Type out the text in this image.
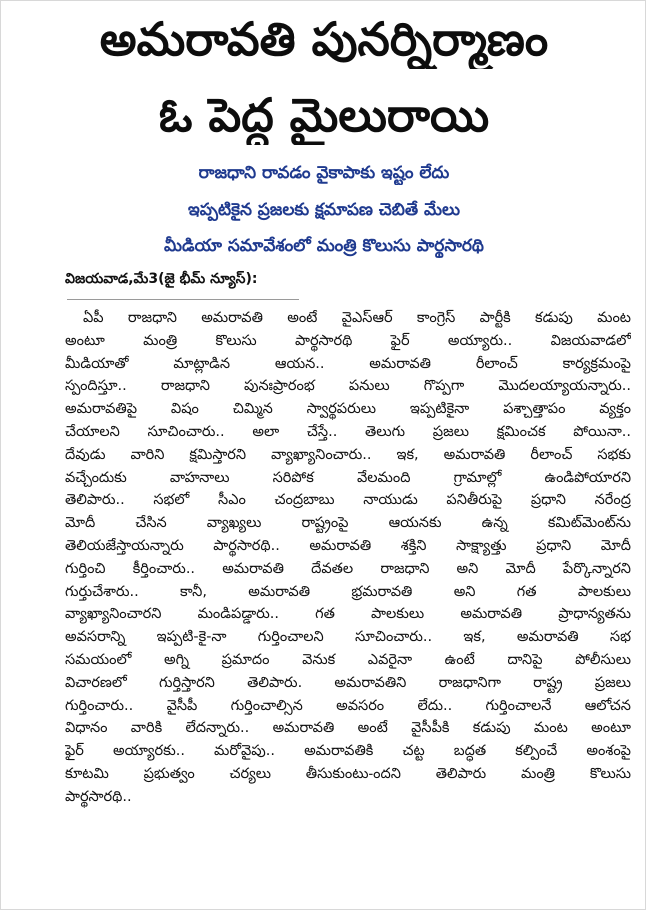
అమరావతి పునర్నిర్మాణం
ఓ పెద్ద మైలురాయి
రాజధాని రావడం వైకాపాకు ఇష్టం లేదు
ఇప్పటికైన ప్రజలకు క్షమాపణ చెబితే మేలు
మీడియా సమావేశంలో మంత్రి కొలుసు పార్థసారథి
విజయవాడ,మే3(జై భీమ్ న్యూస్):
ఏపీ రాజధాని అమరావతి అంటే వైఎస్ఆర్ కాంగ్రెస్ పార్టీకి కడుపు మంట
అంటూ మంత్రి కొలుసు పార్థసారథి ఫైర్ అయ్యారు.. విజయవాడలో
మీడియాతో మాట్లాడిన ఆయన.. అమరావతి రీలాంచ్ కార్యక్రమంపై
స్పందిస్తూ.. రాజధాని పునఃప్రారంభ పనులు గొప్పగా మొదలయ్యాయన్నారు..
అమరావతిపై విషం చిమ్మిన స్వార్థపరులు ఇప్పటికైనా పశ్చాత్తాపం వ్యక్తం
చేయాలని సూచించారు.. అలా చేస్తే.. తెలుగు ప్రజలు క్షమించక పోయినా..
దేవుడు వారిని క్షమిస్తారని వ్యాఖ్యానించారు.. ఇక, అమరావతి రీలాంచ్ సభకు
వచ్చేందుకు వాహనాలు సరిపోక వేలమంది గ్రామాల్లో ఉండిపోయారని
తెలిపారు.. సభలో సీఎం చంద్రబాబు నాయుడు పనితీరుపై ప్రధాని నరేంద్ర
మోదీ చేసిన వ్యాఖ్యలు రాష్ట్రంపై ఆయనకు ఉన్న కమిట్‌మెంట్‌ను
తెలియజేస్తాయన్నారు పార్థసారథి.. అమరావతి శక్తిని సాక్ష్యాత్తు ప్రధాని మోదీ
గుర్తించి కీర్తించారు.. అమరావతి దేవతల రాజధాని అని మోదీ పేర్కొన్నారని
గుర్తుచేశారు.. కానీ, అమరావతి భ్రమరావతి అని గత పాలకులు
వ్యాఖ్యానించారని మండిపడ్డారు.. గత పాలకులు అమరావతి ప్రాధాన్యతను
అవసరాన్ని ఇప్పటి-కై-నా గుర్తించాలని సూచించారు.. ఇక, అమరావతి సభ
సమయంలో అగ్ని ప్రమాదం వెనుక ఎవరైనా ఉంటే దానిపై పోలీసులు
విచారణలో గుర్తిస్తారని తెలిపారు. అమరావతిని రాజధానిగా రాష్ట్ర ప్రజలు
గుర్తించారు.. వైసీపీ గుర్తించాల్సిన అవసరం లేదు.. గుర్తించాలనే ఆలోచన
విధానం వారికి లేదన్నారు.. అమరావతి అంటే వైసీపీకి కడుపు మంట అంటూ
ఫైర్ అయ్యారకు.. మరోవైపు.. అమరావతికి చట్ట బద్ధత కల్పించే అంశంపై
కూటమి ప్రభుత్వం చర్యలు తీసుకుంటు-ందని తెలిపారు మంత్రి కొలుసు
పార్థసారథి..
